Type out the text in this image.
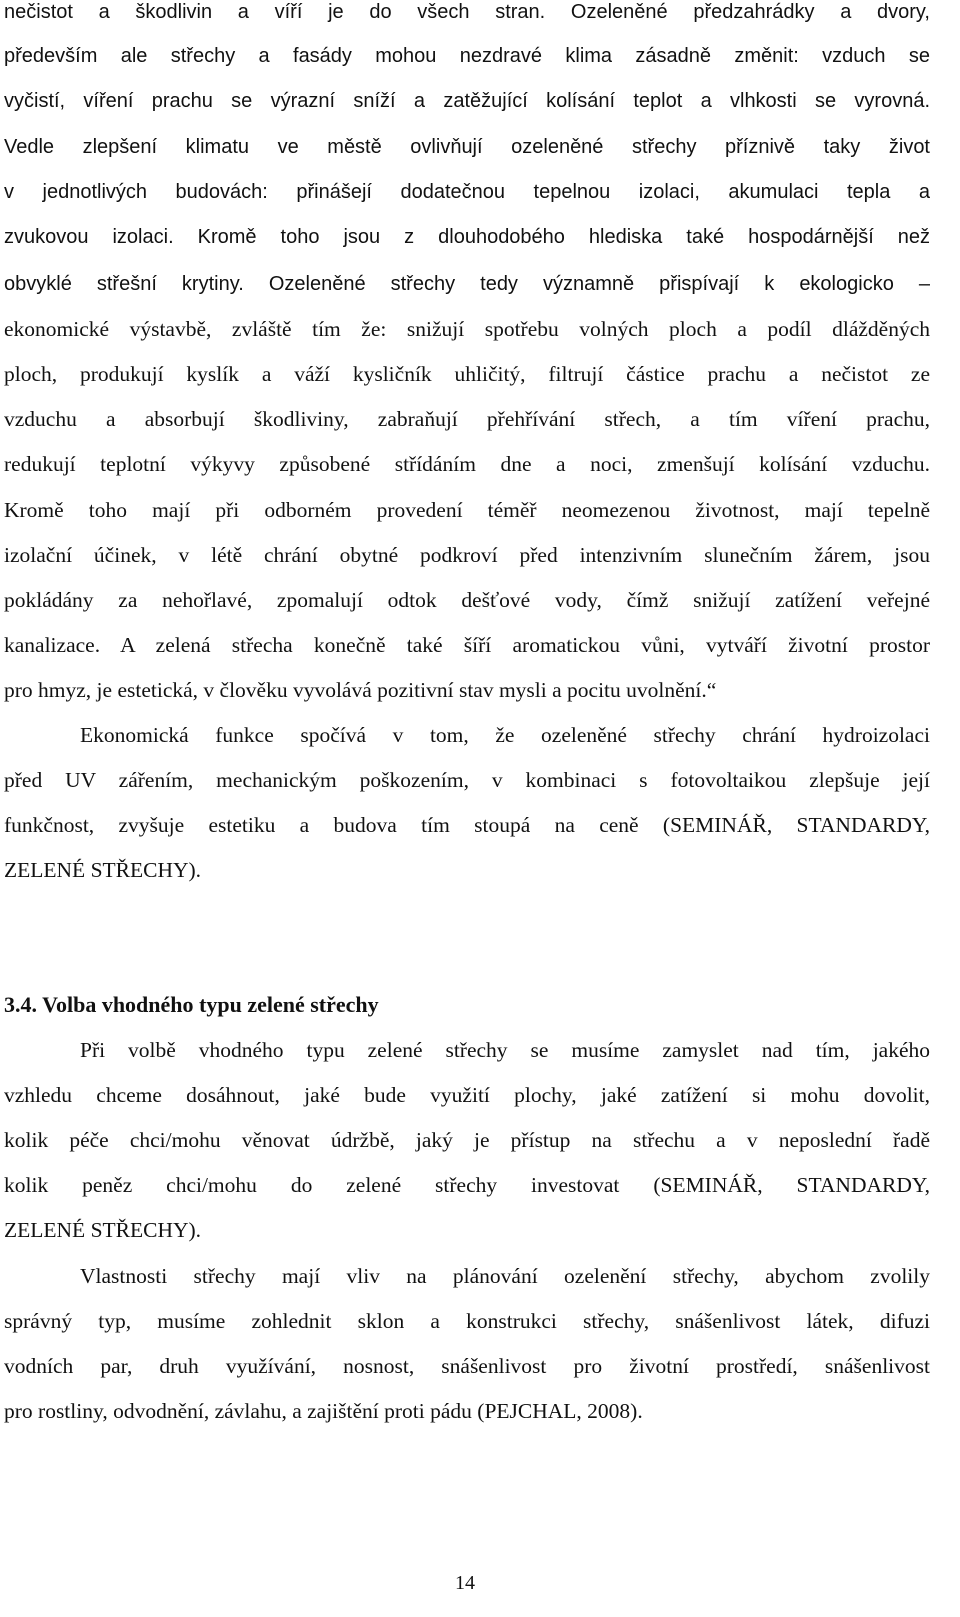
nečistot a škodlivin a víří je do všech stran. Ozeleněné předzahrádky a dvory,
především ale střechy a fasády mohou nezdravé klima zásadně změnit: vzduch se
vyčistí, víření prachu se výrazní sníží a zatěžující kolísání teplot a vlhkosti se vyrovná.
Vedle zlepšení klimatu ve městě ovlivňují ozeleněné střechy příznivě taky život
v jednotlivých budovách: přinášejí dodatečnou tepelnou izolaci, akumulaci tepla a
zvukovou izolaci. Kromě toho jsou z dlouhodobého hlediska také hospodárnější než
obvyklé střešní krytiny. Ozeleněné střechy tedy významně přispívají k ekologicko –
ekonomické výstavbě, zvláště tím že: snižují spotřebu volných ploch a podíl dlážděných
ploch, produkují kyslík a váží kysličník uhličitý, filtrují částice prachu a nečistot ze
vzduchu a absorbují škodliviny, zabraňují přehřívání střech, a tím víření prachu,
redukují teplotní výkyvy způsobené střídáním dne a noci, zmenšují kolísání vzduchu.
Kromě toho mají při odborném provedení téměř neomezenou životnost, mají tepelně
izolační účinek, v létě chrání obytné podkroví před intenzivním slunečním žárem, jsou
pokládány za nehořlavé, zpomalují odtok dešťové vody, čímž snižují zatížení veřejné
kanalizace. A zelená střecha konečně také šíří aromatickou vůni, vytváří životní prostor
pro hmyz, je estetická, v člověku vyvolává pozitivní stav mysli a pocitu uvolnění.“
Ekonomická funkce spočívá v tom, že ozeleněné střechy chrání hydroizolaci
před UV zářením, mechanickým poškozením, v kombinaci s fotovoltaikou zlepšuje její
funkčnost, zvyšuje estetiku a budova tím stoupá na ceně (SEMINÁŘ, STANDARDY,
ZELENÉ STŘECHY).
3.4. Volba vhodného typu zelené střechy
Při volbě vhodného typu zelené střechy se musíme zamyslet nad tím, jakého
vzhledu chceme dosáhnout, jaké bude využití plochy, jaké zatížení si mohu dovolit,
kolik péče chci/mohu věnovat údržbě, jaký je přístup na střechu a v neposlední řadě
kolik peněz chci/mohu do zelené střechy investovat (SEMINÁŘ, STANDARDY,
ZELENÉ STŘECHY).
Vlastnosti střechy mají vliv na plánování ozelenění střechy, abychom zvolily
správný typ, musíme zohlednit sklon a konstrukci střechy, snášenlivost látek, difuzi
vodních par, druh využívání, nosnost, snášenlivost pro životní prostředí, snášenlivost
pro rostliny, odvodnění, závlahu, a zajištění proti pádu (PEJCHAL, 2008).
14
